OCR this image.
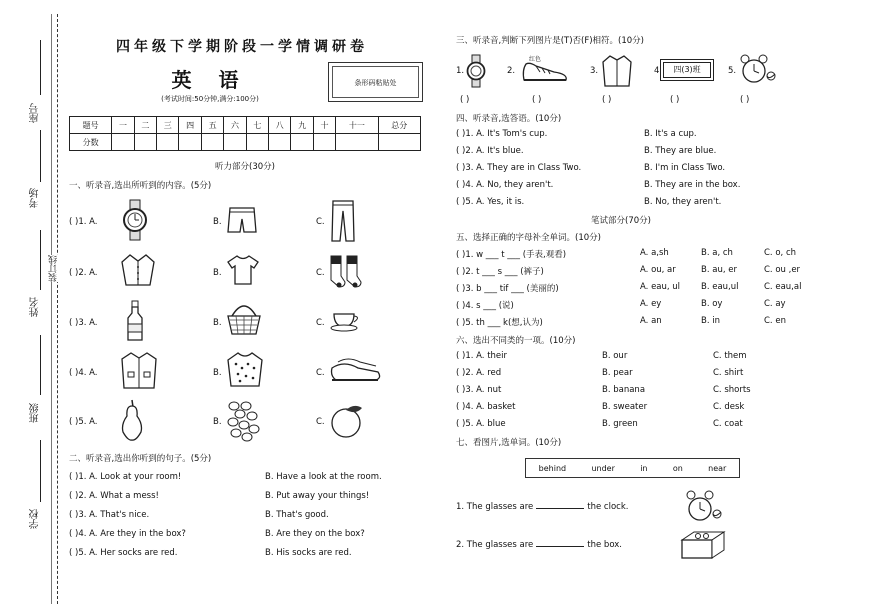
座号
考场
装订线
姓名
班级
学校
四年级下学期阶段一学情调研卷
英 语
(考试时间:50分钟,满分:100分)
条形码粘贴处
题号	一	二	三	四	五	六	七	八	九	十	十一	总分
分数												
听力部分(30分)
一、听录音,选出所听到的内容。(5分)
( )1. A.	B.	C.
( )2. A.	B.	C.
( )3. A.	B.	C.
( )4. A.	B.	C.
( )5. A.	B.	C.
二、听录音,选出你听到的句子。(5分)
( )1. A. Look at your room!	B. Have a look at the room.
( )2. A. What a mess!	B. Put away your things!
( )3. A. That's nice.	B. That's good.
( )4. A. Are they in the box?	B. Are they on the box?
( )5. A. Her socks are red.	B. His socks are red.
三、听录音,判断下列图片是(T)否(F)相符。(10分)
1.	2.
红色
3.	4.	四(3)班	5.
( )	( )	( )	( )	( )
四、听录音,选答语。(10分)
( )1. A. It's Tom's cup.	B. It's a cup.
( )2. A. It's blue.	B. They are blue.
( )3. A. They are in Class Two.	B. I'm in Class Two.
( )4. A. No, they aren't.	B. They are in the box.
( )5. A. Yes, it is.	B. No, they aren't.
笔试部分(70分)
五、选择正确的字母补全单词。(10分)
( )1. w ___ t ___ (手表,观看)	A. a,sh	B. a, ch	C. o, ch
( )2. t ___ s ___ (裤子)	A. ou, ar	B. au, er	C. ou ,er
( )3. b ___ tif ___ (美丽的)	A. eau, ul B. eau,ul	C. eau,al
( )4. s ___ (说)	A. ey	B. oy	C. ay
( )5. th ___ k(想,认为)	A. an	B. in	C. en
六、选出不同类的一项。(10分)
( )1. A. their	B. our	C. them
( )2. A. red	B. pear	C. shirt
( )3. A. nut	B. banana	C. shorts
( )4. A. basket	B. sweater	C. desk
( )5. A. blue	B. green	C. coat
七、看图片,选单词。(10分)
behind	under	in	on	near
1. The glasses are	the clock.
2. The glasses are	the box.
